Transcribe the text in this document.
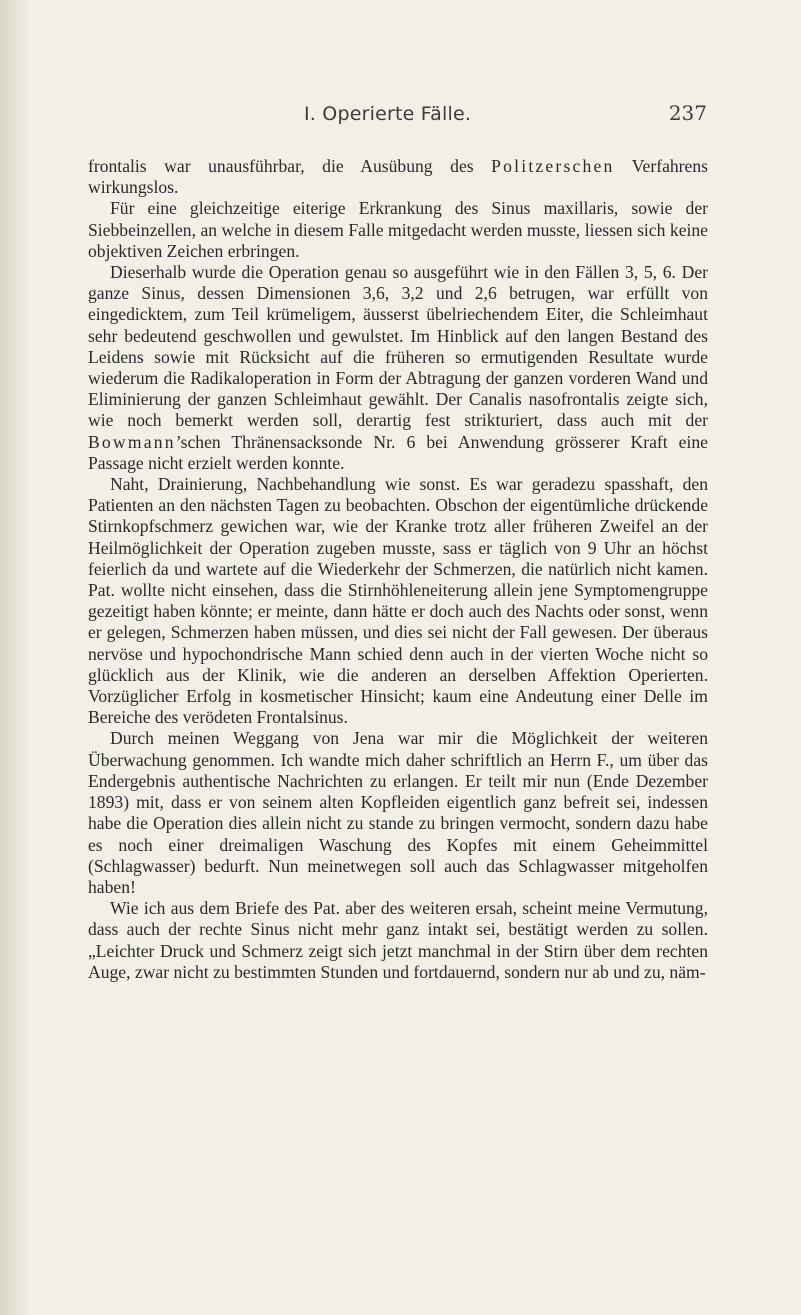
I. Operierte Fälle.	237

frontalis war unausführbar, die Ausübung des Politzerschen Verfahrens wirkungslos.

Für eine gleichzeitige eiterige Erkrankung des Sinus maxillaris, sowie der Siebbeinzellen, an welche in diesem Falle mitgedacht werden musste, liessen sich keine objektiven Zeichen erbringen.

Dieserhalb wurde die Operation genau so ausgeführt wie in den Fällen 3, 5, 6. Der ganze Sinus, dessen Dimensionen 3,6, 3,2 und 2,6 betrugen, war erfüllt von eingedicktem, zum Teil krümeligem, äusserst übelriechendem Eiter, die Schleimhaut sehr bedeutend geschwollen und gewulstet. Im Hinblick auf den langen Bestand des Leidens sowie mit Rücksicht auf die früheren so ermutigenden Resultate wurde wiederum die Radikaloperation in Form der Abtragung der ganzen vorderen Wand und Eliminierung der ganzen Schleimhaut gewählt. Der Canalis nasofrontalis zeigte sich, wie noch bemerkt werden soll, derartig fest strikturiert, dass auch mit der Bowmann’schen Thränensacksonde Nr. 6 bei Anwendung grösserer Kraft eine Passage nicht erzielt werden konnte.

Naht, Drainierung, Nachbehandlung wie sonst. Es war geradezu spasshaft, den Patienten an den nächsten Tagen zu beobachten. Obschon der eigentümliche drückende Stirnkopfschmerz gewichen war, wie der Kranke trotz aller früheren Zweifel an der Heilmöglichkeit der Operation zugeben musste, sass er täglich von 9 Uhr an höchst feierlich da und wartete auf die Wiederkehr der Schmerzen, die natürlich nicht kamen. Pat. wollte nicht einsehen, dass die Stirnhöhleneiterung allein jene Symptomengruppe gezeitigt haben könnte; er meinte, dann hätte er doch auch des Nachts oder sonst, wenn er gelegen, Schmerzen haben müssen, und dies sei nicht der Fall gewesen. Der überaus nervöse und hypochondrische Mann schied denn auch in der vierten Woche nicht so glücklich aus der Klinik, wie die anderen an derselben Affektion Operierten. Vorzüglicher Erfolg in kosmetischer Hinsicht; kaum eine Andeutung einer Delle im Bereiche des verödeten Frontalsinus.

Durch meinen Weggang von Jena war mir die Möglichkeit der weiteren Überwachung genommen. Ich wandte mich daher schriftlich an Herrn F., um über das Endergebnis authentische Nachrichten zu erlangen. Er teilt mir nun (Ende Dezember 1893) mit, dass er von seinem alten Kopfleiden eigentlich ganz befreit sei, indessen habe die Operation dies allein nicht zu stande zu bringen vermocht, sondern dazu habe es noch einer dreimaligen Waschung des Kopfes mit einem Geheimmittel (Schlagwasser) bedurft. Nun meinetwegen soll auch das Schlagwasser mitgeholfen haben!

Wie ich aus dem Briefe des Pat. aber des weiteren ersah, scheint meine Vermutung, dass auch der rechte Sinus nicht mehr ganz intakt sei, bestätigt werden zu sollen. „Leichter Druck und Schmerz zeigt sich jetzt manchmal in der Stirn über dem rechten Auge, zwar nicht zu bestimmten Stunden und fortdauernd, sondern nur ab und zu, näm-
